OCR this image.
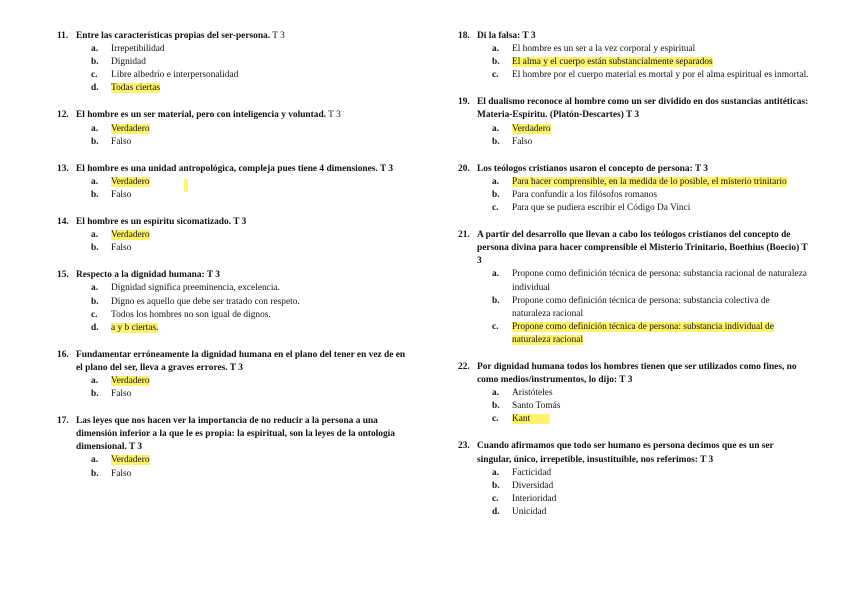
11. Entre las características propias del ser-persona. T 3
a.	Irrepetibilidad
b.	Dignidad
c.	Libre albedrío e interpersonalidad
d.	Todas ciertas
12. El hombre es un ser material, pero con inteligencia y voluntad. T 3
a.	Verdadero
b.	Falso
13. El hombre es una unidad antropológica, compleja pues tiene 4 dimensiones. T 3
a.	Verdadero
b.	Falso
14. El hombre es un espíritu sicomatizado. T 3
a.	Verdadero
b.	Falso
15. Respecto a la dignidad humana: T 3
a.	Dignidad significa preeminencia, excelencia.
b.	Digno es aquello que debe ser tratado con respeto.
c.	Todos los hombres no son igual de dignos.
d.	a y b ciertas.
16. Fundamentar erróneamente la dignidad humana en el plano del tener en vez de en el plano del ser, lleva a graves errores. T 3
a.	Verdadero
b.	Falso
17. Las leyes que nos hacen ver la importancia de no reducir a la persona a una dimensión inferior a la que le es propia: la espiritual, son la leyes de la ontología dimensional. T 3
a.	Verdadero
b.	Falso
18. Di la falsa: T 3
a.	El hombre es un ser a la vez corporal y espiritual
b.	El alma y el cuerpo están substancialmente separados
c.	El hombre por el cuerpo material es mortal y por el alma espiritual es inmortal.
19. El dualismo reconoce al hombre como un ser dividido en dos sustancias antitéticas: Materia-Espíritu. (Platón-Descartes) T 3
a.	Verdadero
b.	Falso
20. Los teólogos cristianos usaron el concepto de persona: T 3
a.	Para hacer comprensible, en la medida de lo posible, el misterio trinitario
b.	Para confundir a los filósofos romanos
c.	Para que se pudiera escribir el Código Da Vinci
21. A partir del desarrollo que llevan a cabo los teólogos cristianos del concepto de persona divina para hacer comprensible el Misterio Trinitario, Boethius (Boecio) T 3
a.	Propone como definición técnica de persona: substancia racional de naturaleza individual
b.	Propone como definición técnica de persona: substancia colectiva de naturaleza racional
c.	Propone como definición técnica de persona: substancia individual de naturaleza racional
22. Por dignidad humana todos los hombres tienen que ser utilizados como fines, no como medios/instrumentos, lo dijo: T 3
a.	Aristóteles
b.	Santo Tomás
c.	Kant
23. Cuando afirmamos que todo ser humano es persona decimos que es un ser singular, único, irrepetible, insustituible, nos referimos: T 3
a.	Facticidad
b.	Diversidad
c.	Interioridad
d.	Unicidad
